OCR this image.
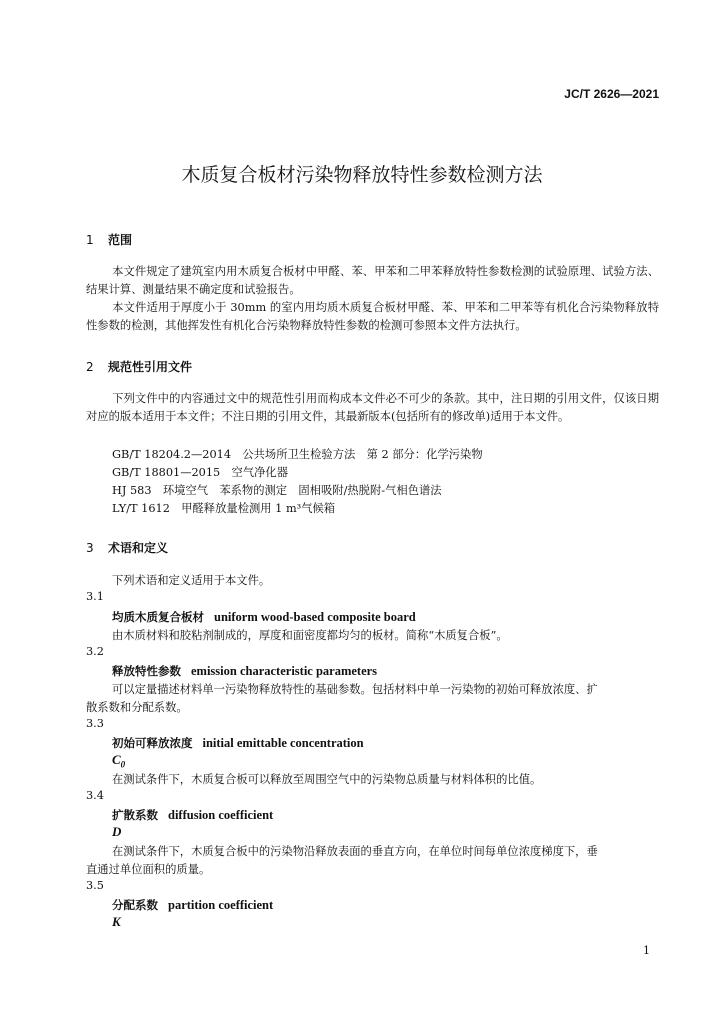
JC/T 2626—2021
木质复合板材污染物释放特性参数检测方法
1 范围
本文件规定了建筑室内用木质复合板材中甲醛、苯、甲苯和二甲苯释放特性参数检测的试验原理、试验方法、结果计算、测量结果不确定度和试验报告。
本文件适用于厚度小于 30mm 的室内用均质木质复合板材甲醛、苯、甲苯和二甲苯等有机化合污染物释放特性参数的检测，其他挥发性有机化合污染物释放特性参数的检测可参照本文件方法执行。
2 规范性引用文件
下列文件中的内容通过文中的规范性引用而构成本文件必不可少的条款。其中，注日期的引用文件，仅该日期对应的版本适用于本文件；不注日期的引用文件，其最新版本(包括所有的修改单)适用于本文件。
GB/T 18204.2—2014　公共场所卫生检验方法　第 2 部分：化学污染物
GB/T 18801—2015　空气净化器
HJ 583　环境空气　苯系物的测定　固相吸附/热脱附-气相色谱法
LY/T 1612　甲醛释放量检测用 1 m³气候箱
3 术语和定义
下列术语和定义适用于本文件。
3.1
均质木质复合板材 uniform wood-based composite board
由木质材料和胶粘剂制成的，厚度和面密度都均匀的板材。简称“木质复合板”。
3.2
释放特性参数 emission characteristic parameters
可以定量描述材料单一污染物释放特性的基础参数。包括材料中单一污染物的初始可释放浓度、扩
散系数和分配系数。
3.3
初始可释放浓度 initial emittable concentration
$C_0$
在测试条件下，木质复合板可以释放至周围空气中的污染物总质量与材料体积的比值。
3.4
扩散系数 diffusion coefficient
D
在测试条件下，木质复合板中的污染物沿释放表面的垂直方向，在单位时间每单位浓度梯度下，垂
直通过单位面积的质量。
3.5
分配系数 partition coefficient
K
1
